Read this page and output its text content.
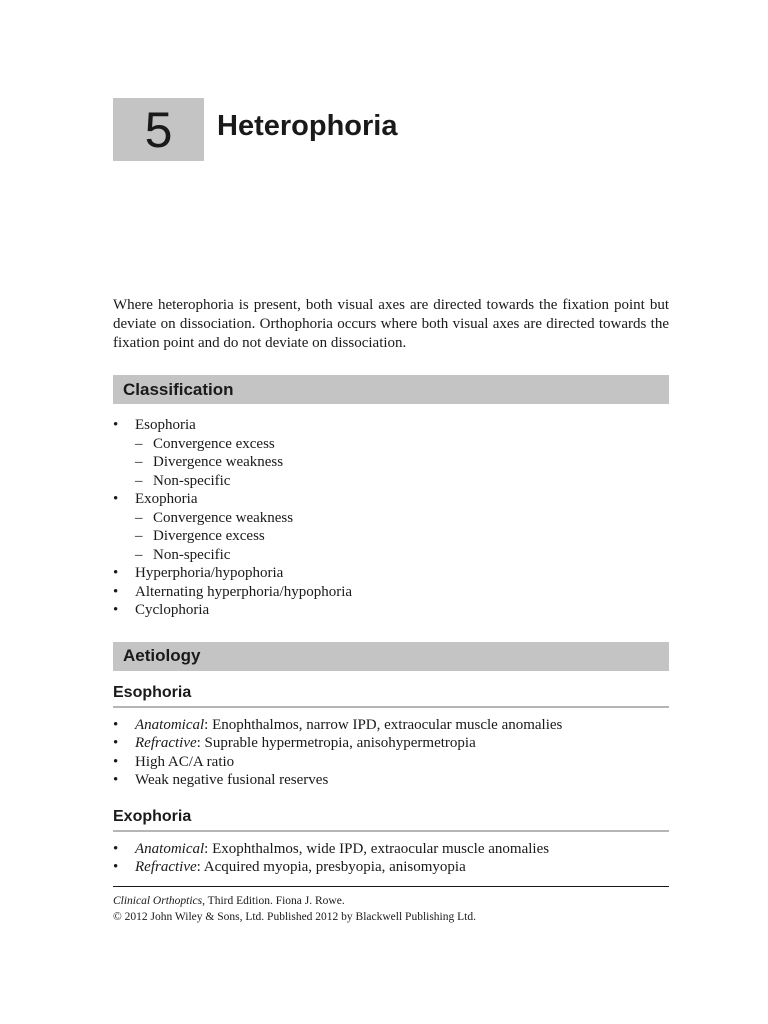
5 Heterophoria

Where heterophoria is present, both visual axes are directed towards the fixation point but deviate on dissociation. Orthophoria occurs where both visual axes are directed towards the fixation point and do not deviate on dissociation.

Classification
• Esophoria
– Convergence excess
– Divergence weakness
– Non-specific
• Exophoria
– Convergence weakness
– Divergence excess
– Non-specific
• Hyperphoria/hypophoria
• Alternating hyperphoria/hypophoria
• Cyclophoria
Aetiology
Esophoria
• Anatomical: Enophthalmos, narrow IPD, extraocular muscle anomalies
• Refractive: Suprable hypermetropia, anisohypermetropia
• High AC/A ratio
• Weak negative fusional reserves
Exophoria
• Anatomical: Exophthalmos, wide IPD, extraocular muscle anomalies
• Refractive: Acquired myopia, presbyopia, anisomyopia

Clinical Orthoptics, Third Edition. Fiona J. Rowe.

© 2012 John Wiley & Sons, Ltd. Published 2012 by Blackwell Publishing Ltd.
